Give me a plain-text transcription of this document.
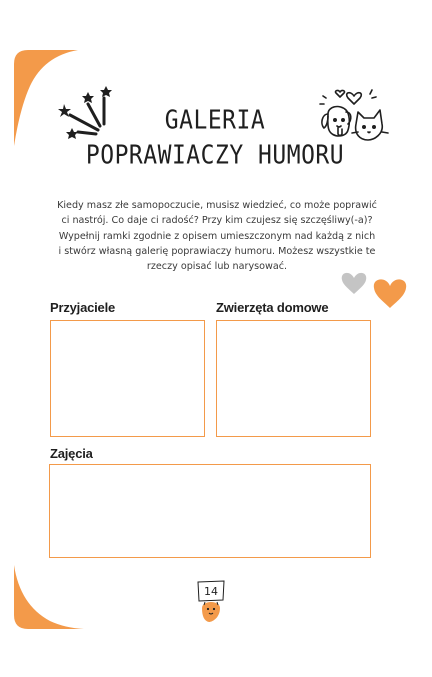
GALERIA
POPRAWIACZY HUMORU
Kiedy masz złe samopoczucie, musisz wiedzieć, co może poprawić
ci nastrój. Co daje ci radość? Przy kim czujesz się szczęśliwy(-a)?
Wypełnij ramki zgodnie z opisem umieszczonym nad każdą z nich
i stwórz własną galerię poprawiaczy humoru. Możesz wszystkie te
rzeczy opisać lub narysować.
Przyjaciele	Zwierzęta domowe
Zajęcia
14
